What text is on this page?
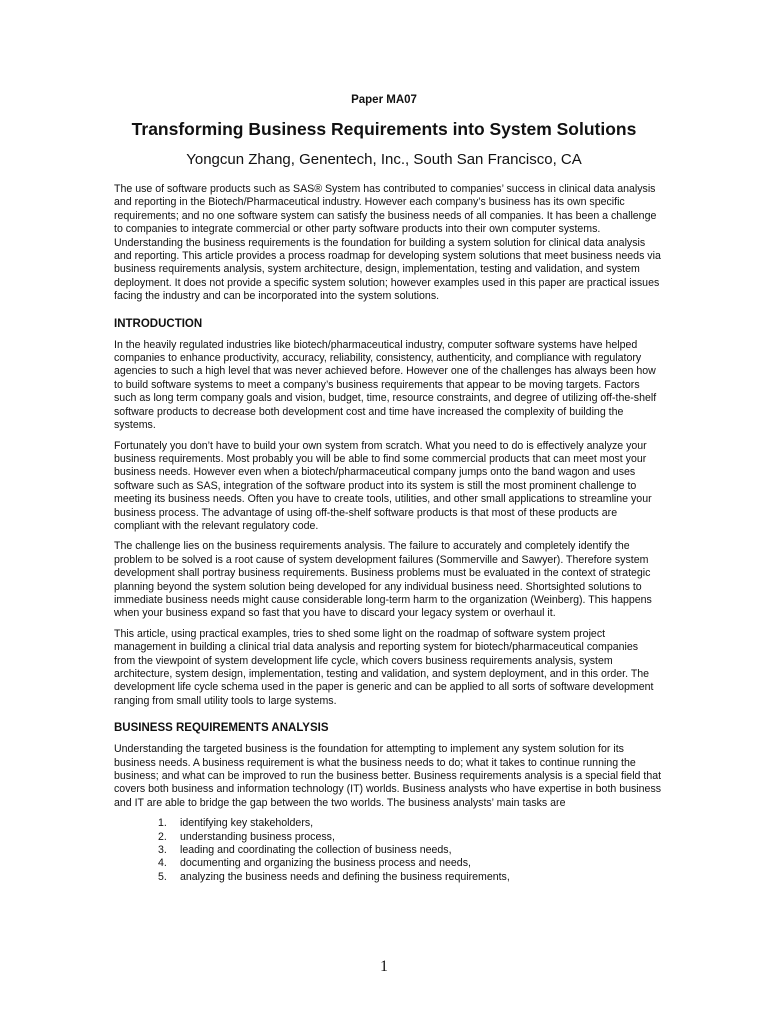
Paper MA07
Transforming Business Requirements into System Solutions
Yongcun Zhang, Genentech, Inc., South San Francisco, CA

The use of software products such as SAS® System has contributed to companies’ success in clinical data analysis and reporting in the Biotech/Pharmaceutical industry. However each company’s business has its own specific requirements; and no one software system can satisfy the business needs of all companies. It has been a challenge to companies to integrate commercial or other party software products into their own computer systems. Understanding the business requirements is the foundation for building a system solution for clinical data analysis and reporting. This article provides a process roadmap for developing system solutions that meet business needs via business requirements analysis, system architecture, design, implementation, testing and validation, and system deployment. It does not provide a specific system solution; however examples used in this paper are practical issues facing the industry and can be incorporated into the system solutions.

INTRODUCTION

In the heavily regulated industries like biotech/pharmaceutical industry, computer software systems have helped companies to enhance productivity, accuracy, reliability, consistency, authenticity, and compliance with regulatory agencies to such a high level that was never achieved before. However one of the challenges has always been how to build software systems to meet a company’s business requirements that appear to be moving targets. Factors such as long term company goals and vision, budget, time, resource constraints, and degree of utilizing off-the-shelf software products to decrease both development cost and time have increased the complexity of building the systems.

Fortunately you don’t have to build your own system from scratch. What you need to do is effectively analyze your business requirements. Most probably you will be able to find some commercial products that can meet most your business needs. However even when a biotech/pharmaceutical company jumps onto the band wagon and uses software such as SAS, integration of the software product into its system is still the most prominent challenge to meeting its business needs. Often you have to create tools, utilities, and other small applications to streamline your business process. The advantage of using off-the-shelf software products is that most of these products are compliant with the relevant regulatory code.

The challenge lies on the business requirements analysis. The failure to accurately and completely identify the problem to be solved is a root cause of system development failures (Sommerville and Sawyer). Therefore system development shall portray business requirements. Business problems must be evaluated in the context of strategic planning beyond the system solution being developed for any individual business need. Shortsighted solutions to immediate business needs might cause considerable long-term harm to the organization (Weinberg). This happens when your business expand so fast that you have to discard your legacy system or overhaul it.

This article, using practical examples, tries to shed some light on the roadmap of software system project management in building a clinical trial data analysis and reporting system for biotech/pharmaceutical companies from the viewpoint of system development life cycle, which covers business requirements analysis, system architecture, system design, implementation, testing and validation, and system deployment, and in this order. The development life cycle schema used in the paper is generic and can be applied to all sorts of software development ranging from small utility tools to large systems.

BUSINESS REQUIREMENTS ANALYSIS

Understanding the targeted business is the foundation for attempting to implement any system solution for its business needs. A business requirement is what the business needs to do; what it takes to continue running the business; and what can be improved to run the business better. Business requirements analysis is a special field that covers both business and information technology (IT) worlds. Business analysts who have expertise in both business and IT are able to bridge the gap between the two worlds. The business analysts’ main tasks are

1. identifying key stakeholders,
2. understanding business process,
3. leading and coordinating the collection of business needs,
4. documenting and organizing the business process and needs,
5. analyzing the business needs and defining the business requirements,
1
